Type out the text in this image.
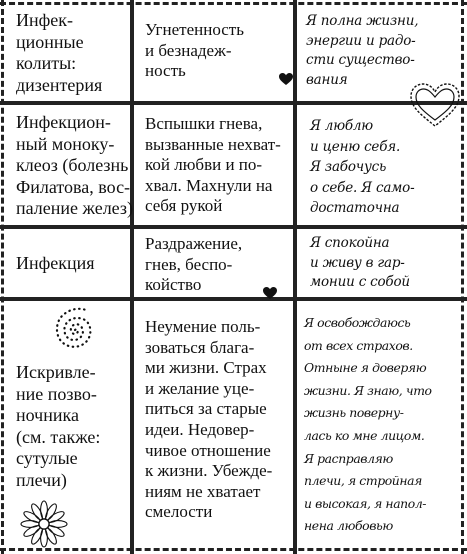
Инфек-
ционные
колиты:
дизентерия
Угнетенность
и безнадеж-
ность
Я полна жизни,
энергии и радо-
сти существо-
вания
Инфекцион-
ный моноку-
клеоз (болезнь
Филатова, вос-
паление желез)
Вспышки гнева,
вызванные нехват-
кой любви и по-
хвал. Махнули на
себя рукой
Я люблю
и ценю себя.
Я забочусь
о себе. Я само-
достаточна
Инфекция
Раздражение,
гнев, беспо-
койство
Я спокойна
и живу в гар-
монии с собой
Искривле-
ние позво-
ночника
(см. также:
сутулые
плечи)
Неумение поль-
зоваться блага-
ми жизни. Страх
и желание уце-
питься за старые
идеи. Недовер-
чивое отношение
к жизни. Убежде-
ниям не хватает
смелости
Я освобождаюсь
от всех страхов.
Отныне я доверяю
жизни. Я знаю, что
жизнь поверну-
лась ко мне лицом.
Я расправляю
плечи, я стройная
и высокая, я напол-
нена любовью
